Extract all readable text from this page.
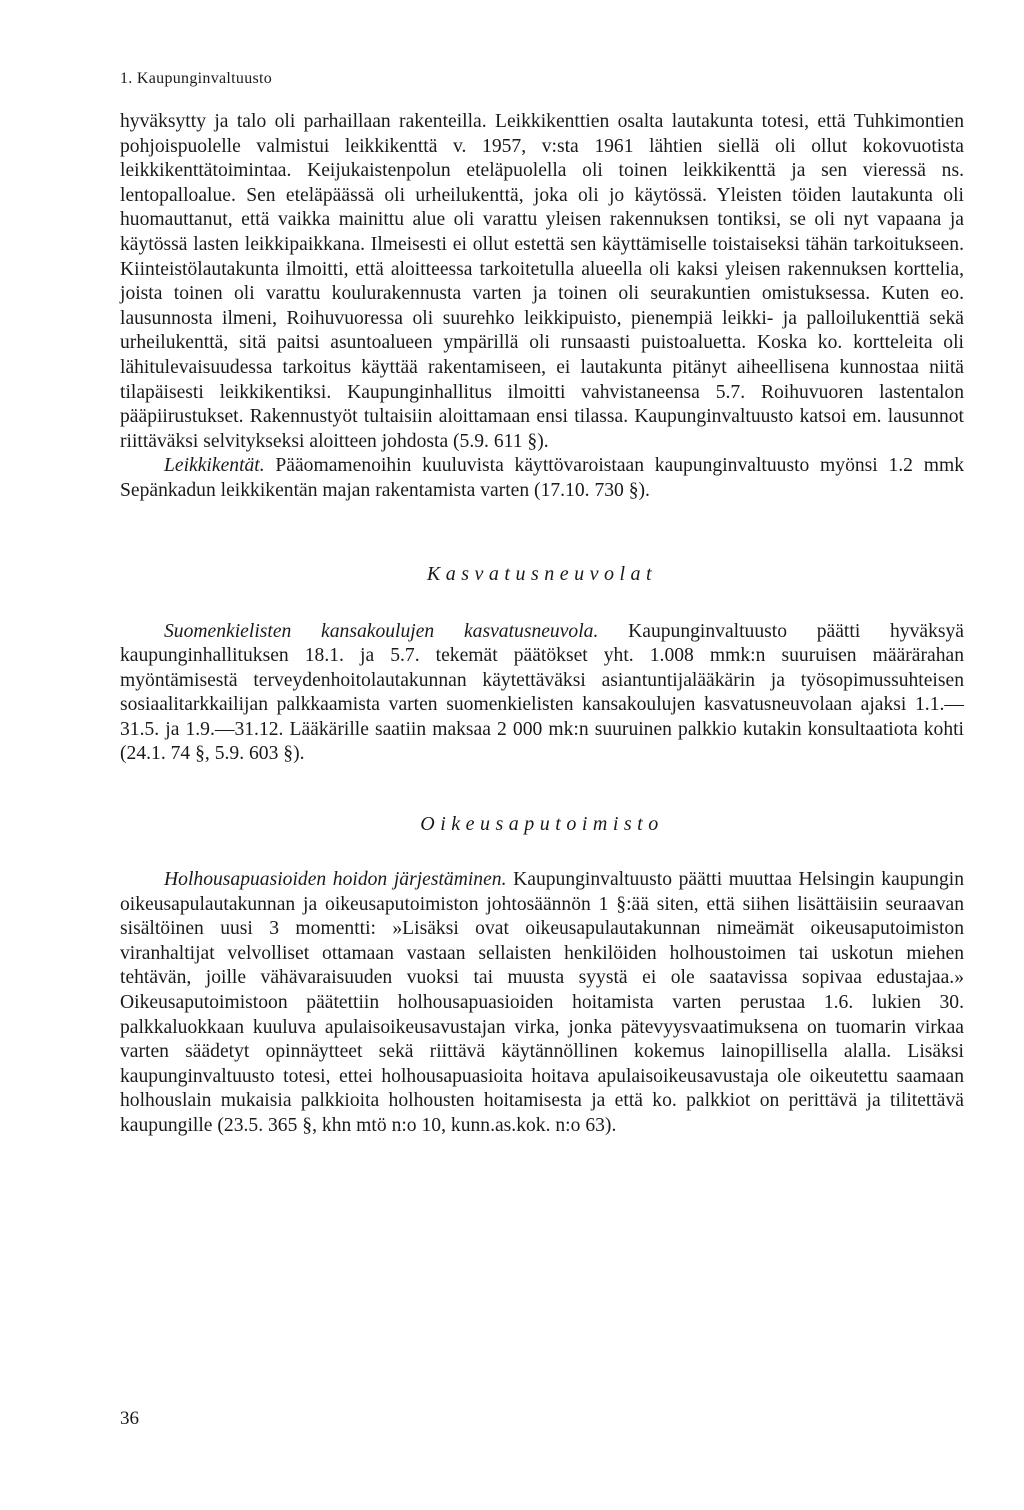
1. Kaupunginvaltuusto

hyväksytty ja talo oli parhaillaan rakenteilla. Leikkikenttien osalta lautakunta totesi, että Tuhkimontien pohjoispuolelle valmistui leikkikenttä v. 1957, v:sta 1961 lähtien siellä oli ollut kokovuotista leikkikenttätoimintaa. Keijukaistenpolun eteläpuolella oli toinen leikkikenttä ja sen vieressä ns. lentopalloalue. Sen eteläpäässä oli urheilukenttä, joka oli jo käytössä. Yleisten töiden lautakunta oli huomauttanut, että vaikka mainittu alue oli varattu yleisen rakennuksen tontiksi, se oli nyt vapaana ja käytössä lasten leikkipaikkana. Ilmeisesti ei ollut estettä sen käyttämiselle toistaiseksi tähän tarkoitukseen. Kiinteistölautakunta ilmoitti, että aloitteessa tarkoitetulla alueella oli kaksi yleisen rakennuksen korttelia, joista toinen oli varattu koulurakennusta varten ja toinen oli seurakuntien omistuksessa. Kuten eo. lausunnosta ilmeni, Roihuvuoressa oli suurehko leikkipuisto, pienempiä leikki- ja palloilukenttiä sekä urheilukenttä, sitä paitsi asuntoalueen ympärillä oli runsaasti puistoaluetta. Koska ko. kortteleita oli lähitulevaisuudessa tarkoitus käyttää rakentamiseen, ei lautakunta pitänyt aiheellisena kunnostaa niitä tilapäisesti leikkikentiksi. Kaupunginhallitus ilmoitti vahvistaneensa 5.7. Roihuvuoren lastentalon pääpiirustukset. Rakennustyöt tultaisiin aloittamaan ensi tilassa. Kaupunginvaltuusto katsoi em. lausunnot riittäväksi selvitykseksi aloitteen johdosta (5.9. 611 §).

Leikkikentät. Pääomamenoihin kuuluvista käyttövaroistaan kaupunginvaltuusto myönsi 1.2 mmk Sepänkadun leikkikentän majan rakentamista varten (17.10. 730 §).

Kasvatusneuvolat

Suomenkielisten kansakoulujen kasvatusneuvola. Kaupunginvaltuusto päätti hyväksyä kaupunginhallituksen 18.1. ja 5.7. tekemät päätökset yht. 1.008 mmk:n suuruisen määrärahan myöntämisestä terveydenhoitolautakunnan käytettäväksi asiantuntijalääkärin ja työsopimussuhteisen sosiaalitarkkailijan palkkaamista varten suomenkielisten kansakoulujen kasvatusneuvolaan ajaksi 1.1.—31.5. ja 1.9.—31.12. Lääkärille saatiin maksaa 2 000 mk:n suuruinen palkkio kutakin konsultaatiota kohti (24.1. 74 §, 5.9. 603 §).

Oikeusaputoimisto

Holhousapuasioiden hoidon järjestäminen. Kaupunginvaltuusto päätti muuttaa Helsingin kaupungin oikeusapulautakunnan ja oikeusaputoimiston johtosäännön 1 §:ää siten, että siihen lisättäisiin seuraavan sisältöinen uusi 3 momentti: »Lisäksi ovat oikeusapulautakunnan nimeämät oikeusaputoimiston viranhaltijat velvolliset ottamaan vastaan sellaisten henkilöiden holhoustoimen tai uskotun miehen tehtävän, joille vähävaraisuuden vuoksi tai muusta syystä ei ole saatavissa sopivaa edustajaa.» Oikeusaputoimistoon päätettiin holhousapuasioiden hoitamista varten perustaa 1.6. lukien 30. palkkaluokkaan kuuluva apulaisoikeusavustajan virka, jonka pätevyysvaatimuksena on tuomarin virkaa varten säädetyt opinnäytteet sekä riittävä käytännöllinen kokemus lainopillisella alalla. Lisäksi kaupunginvaltuusto totesi, ettei holhousapuasioita hoitava apulaisoikeusavustaja ole oikeutettu saamaan holhouslain mukaisia palkkioita holhousten hoitamisesta ja että ko. palkkiot on perittävä ja tilitettävä kaupungille (23.5. 365 §, khn mtö n:o 10, kunn.as.kok. n:o 63).

36
